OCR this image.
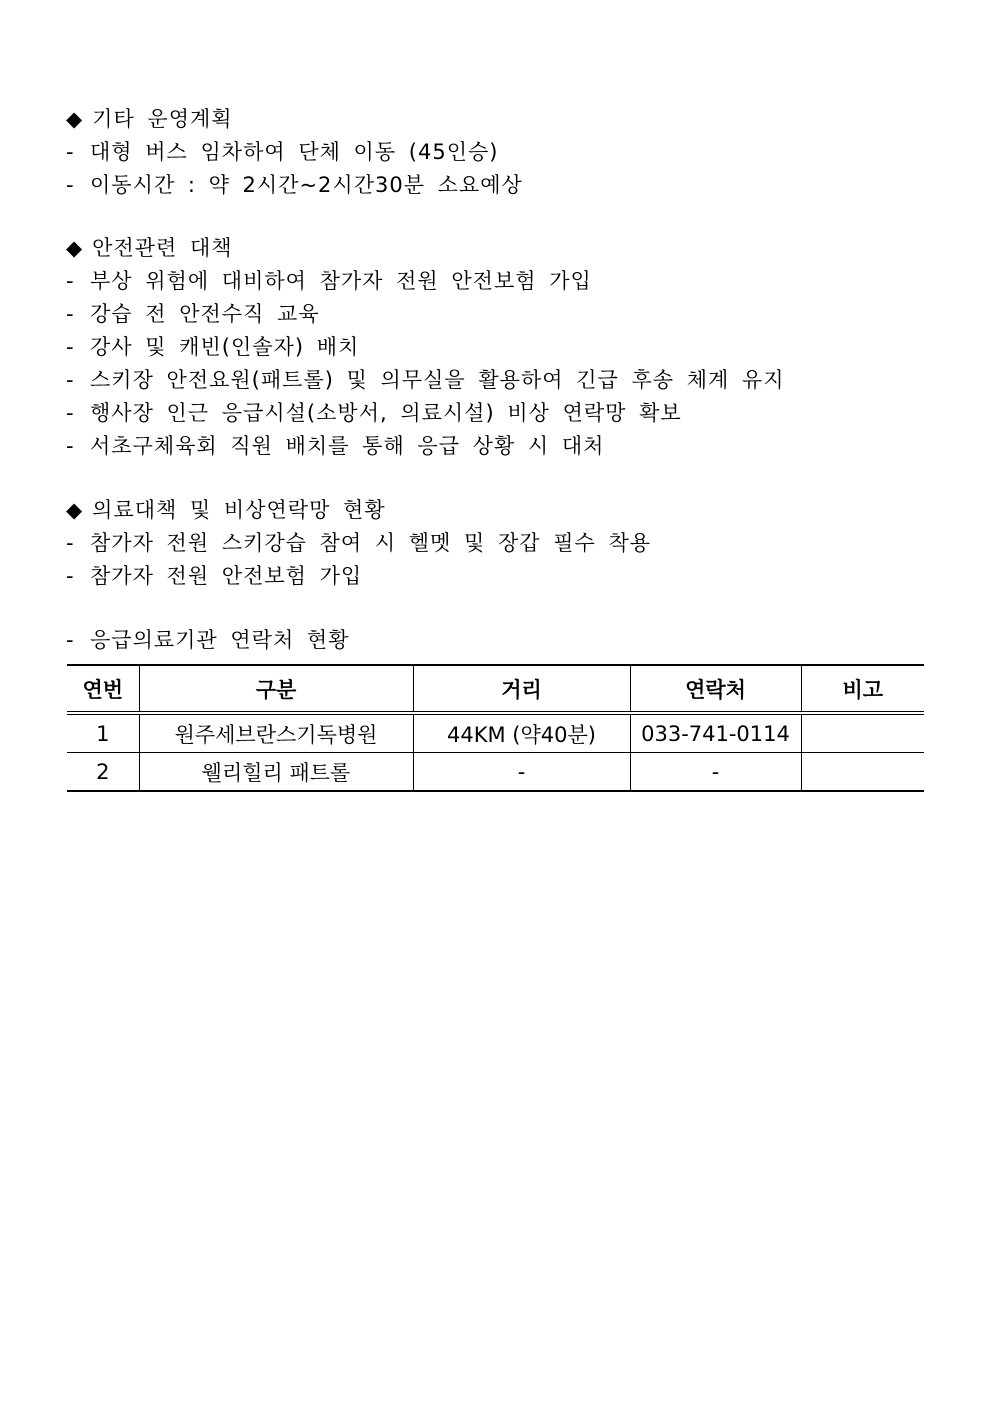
◆ 기타 운영계획
- 대형 버스 임차하여 단체 이동 (45인승)
- 이동시간 : 약 2시간~2시간30분 소요예상
◆ 안전관련 대책
- 부상 위험에 대비하여 참가자 전원 안전보험 가입
- 강습 전 안전수직 교육
- 강사 및 캐빈(인솔자) 배치
- 스키장 안전요원(패트롤) 및 의무실을 활용하여 긴급 후송 체계 유지
- 행사장 인근 응급시설(소방서, 의료시설) 비상 연락망 확보
- 서초구체육회 직원 배치를 통해 응급 상황 시 대처
◆ 의료대책 및 비상연락망 현황
- 참가자 전원 스키강습 참여 시 헬멧 및 장갑 필수 착용
- 참가자 전원 안전보험 가입
- 응급의료기관 연락처 현황
연번	구분	거리	연락처	비고
1	원주세브란스기독병원	44KM (약40분)	033-741-0114	
2	웰리힐리 패트롤	-	-	
